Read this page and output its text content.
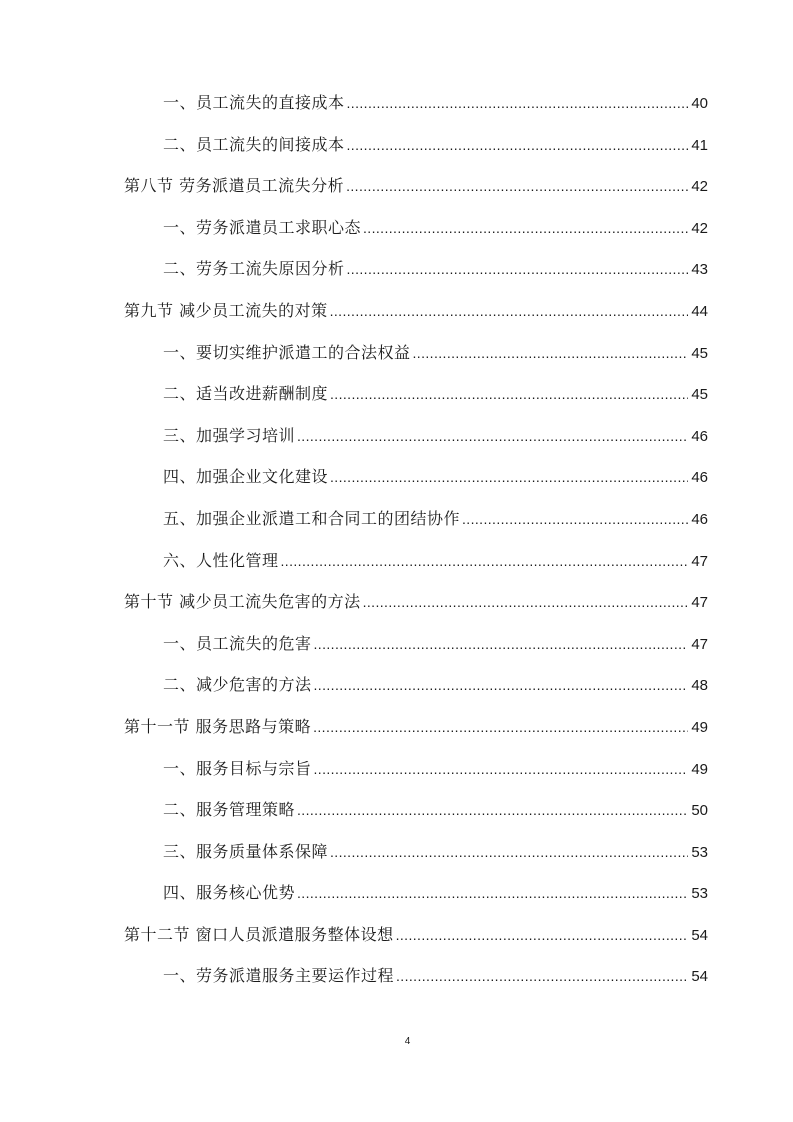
一、员工流失的直接成本 .....	40
二、员工流失的间接成本 .....	41
第八节 劳务派遣员工流失分析 .....	42
一、劳务派遣员工求职心态 .....	42
二、劳务工流失原因分析 .....	43
第九节 减少员工流失的对策 .....	44
一、要切实维护派遣工的合法权益 .....	45
二、适当改进薪酬制度 .....	45
三、加强学习培训 .....	46
四、加强企业文化建设 .....	46
五、加强企业派遣工和合同工的团结协作 .....	46
六、人性化管理 .....	47
第十节 减少员工流失危害的方法 .....	47
一、员工流失的危害 .....	47
二、减少危害的方法 .....	48
第十一节 服务思路与策略 .....	49
一、服务目标与宗旨 .....	49
二、服务管理策略 .....	50
三、服务质量体系保障 .....	53
四、服务核心优势 .....	53
第十二节 窗口人员派遣服务整体设想 .....	54
一、劳务派遣服务主要运作过程 .....	54
4
